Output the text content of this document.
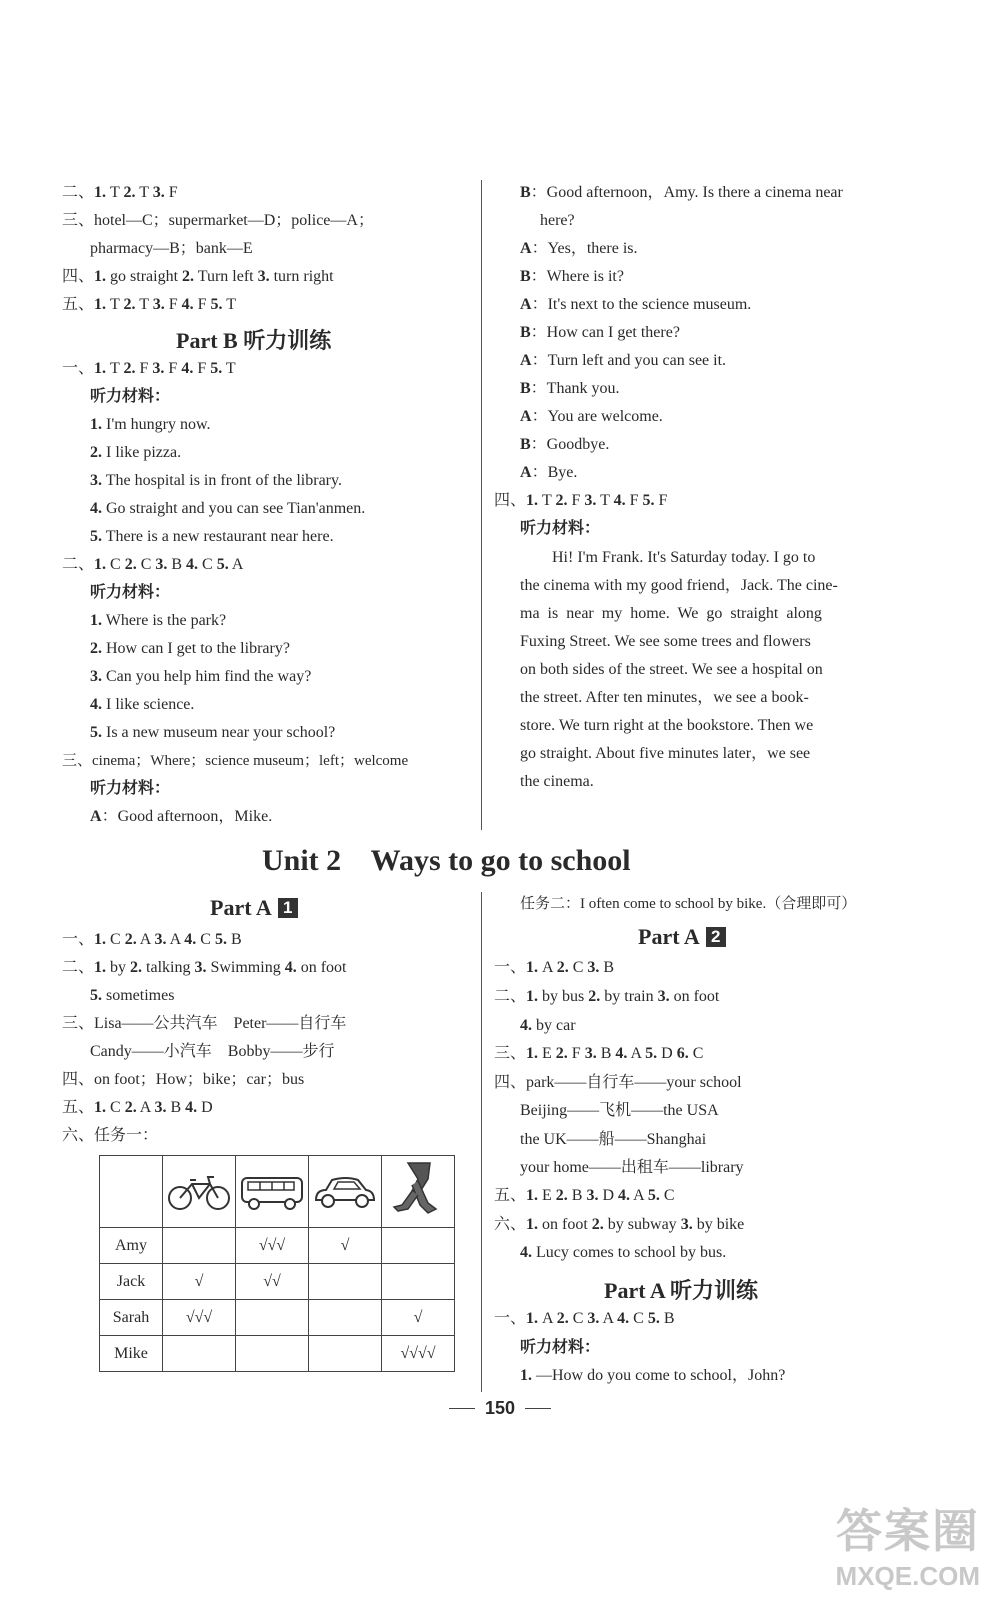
二、1. T 2. T 3. F
三、hotel—C；supermarket—D；police—A；
pharmacy—B；bank—E
四、1. go straight 2. Turn left 3. turn right
五、1. T 2. T 3. F 4. F 5. T
Part B 听力训练
一、1. T 2. F 3. F 4. F 5. T
听力材料：
1. I'm hungry now.
2. I like pizza.
3. The hospital is in front of the library.
4. Go straight and you can see Tian'anmen.
5. There is a new restaurant near here.
二、1. C 2. C 3. B 4. C 5. A
听力材料：
1. Where is the park?
2. How can I get to the library?
3. Can you help him find the way?
4. I like science.
5. Is a new museum near your school?
三、cinema；Where；science museum；left；welcome
听力材料：
A：Good afternoon，Mike.
B：Good afternoon，Amy. Is there a cinema near
here?
A：Yes，there is.
B：Where is it?
A：It's next to the science museum.
B：How can I get there?
A：Turn left and you can see it.
B：Thank you.
A：You are welcome.
B：Goodbye.
A：Bye.
四、1. T 2. F 3. T 4. F 5. F
听力材料：
Hi! I'm Frank. It's Saturday today. I go to
the cinema with my good friend，Jack. The cine-
ma is near my home. We go straight along
Fuxing Street. We see some trees and flowers
on both sides of the street. We see a hospital on
the street. After ten minutes，we see a book-
store. We turn right at the bookstore. Then we
go straight. About five minutes later，we see
the cinema.
Unit 2    Ways to go to school
Part A 1
一、1. C 2. A 3. A 4. C 5. B
二、1. by 2. talking 3. Swimming 4. on foot
5. sometimes
三、Lisa——公共汽车    Peter——自行车
Candy——小汽车    Bobby——步行
四、on foot；How；bike；car；bus
五、1. C 2. A 3. B 4. D
六、任务一：

Amy		√√√	√	
Jack	√	√√		
Sarah	√√√			√
Mike				√√√√
任务二：I often come to school by bike.（合理即可）
Part A 2
一、1. A 2. C 3. B
二、1. by bus 2. by train 3. on foot
4. by car
三、1. E 2. F 3. B 4. A 5. D 6. C
四、park——自行车——your school
Beijing——飞机——the USA
the UK——船——Shanghai
your home——出租车——library
五、1. E 2. B 3. D 4. A 5. C
六、1. on foot 2. by subway 3. by bike
4. Lucy comes to school by bus.
Part A 听力训练
一、1. A 2. C 3. A 4. C 5. B
听力材料：
1. —How do you come to school，John?
150
答案圈
MXQE.COM
